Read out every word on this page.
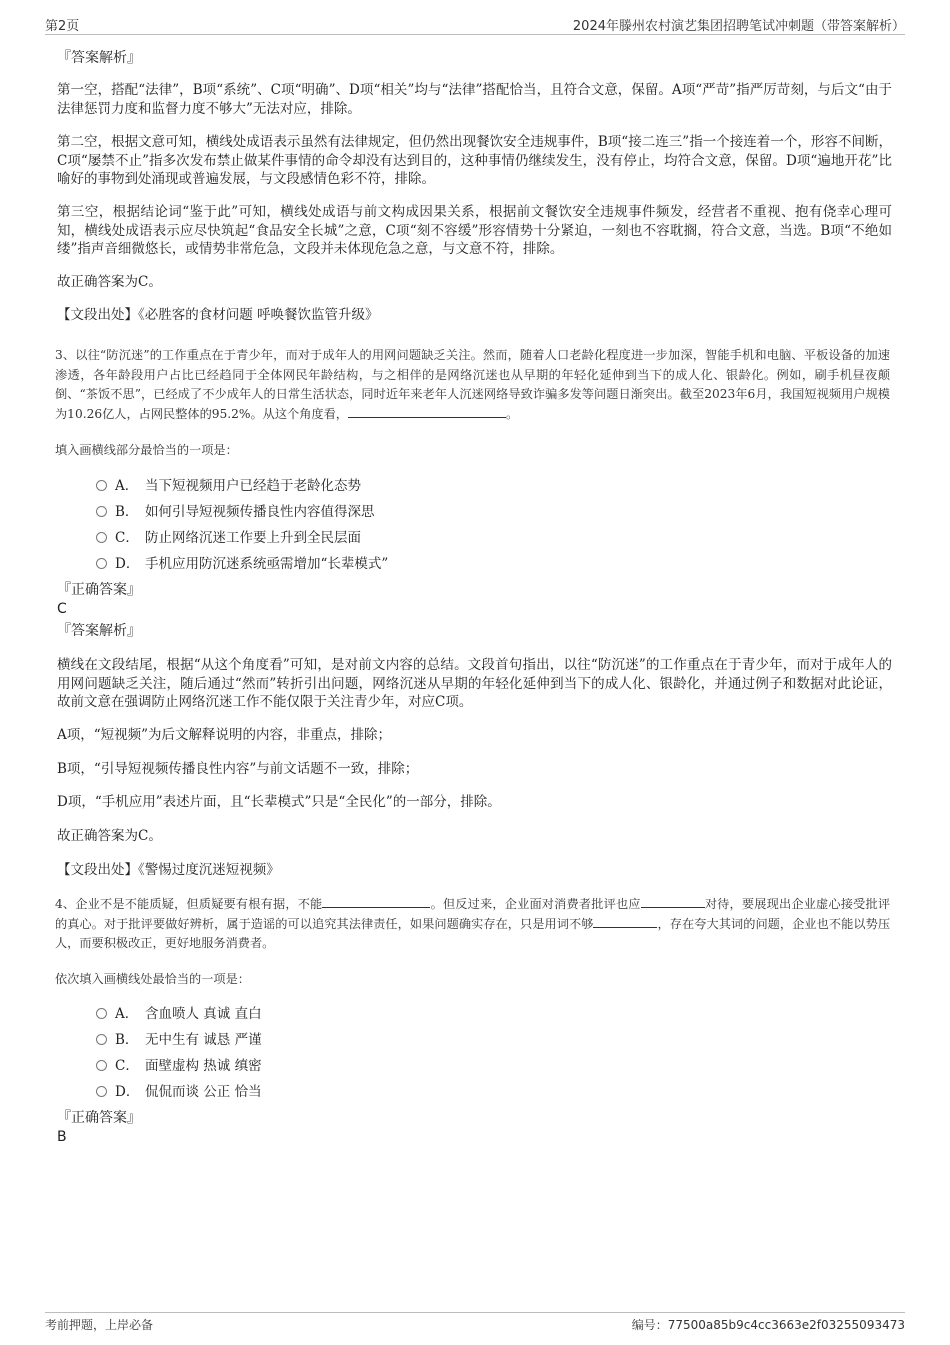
第2页	2024年滕州农村演艺集团招聘笔试冲刺题（带答案解析）
『答案解析』
第一空，搭配“法律”，B项“系统”、C项“明确”、D项“相关”均与“法律”搭配恰当，且符合文意，保留。A项“严苛”指严厉苛刻，与后文“由于法律惩罚力度和监督力度不够大”无法对应，排除。
第二空，根据文意可知，横线处成语表示虽然有法律规定，但仍然出现餐饮安全违规事件，B项“接二连三”指一个接连着一个，形容不间断，C项“屡禁不止”指多次发布禁止做某件事情的命令却没有达到目的，这种事情仍继续发生，没有停止，均符合文意，保留。D项“遍地开花”比喻好的事物到处涌现或普遍发展，与文段感情色彩不符，排除。
第三空，根据结论词“鉴于此”可知，横线处成语与前文构成因果关系，根据前文餐饮安全违规事件频发，经营者不重视、抱有侥幸心理可知，横线处成语表示应尽快筑起“食品安全长城”之意，C项“刻不容缓”形容情势十分紧迫，一刻也不容耽搁，符合文意，当选。B项“不绝如缕”指声音细微悠长，或情势非常危急，文段并未体现危急之意，与文意不符，排除。
故正确答案为C。
【文段出处】《必胜客的食材问题 呼唤餐饮监管升级》
3、以往“防沉迷”的工作重点在于青少年，而对于成年人的用网问题缺乏关注。然而，随着人口老龄化程度进一步加深，智能手机和电脑、平板设备的加速渗透，各年龄段用户占比已经趋同于全体网民年龄结构，与之相伴的是网络沉迷也从早期的年轻化延伸到当下的成人化、银龄化。例如，刷手机昼夜颠倒、“茶饭不思”，已经成了不少成年人的日常生活状态，同时近年来老年人沉迷网络导致诈骗多发等问题日渐突出。截至2023年6月，我国短视频用户规模为10.26亿人，占网民整体的95.2%。从这个角度看，	。
填入画横线部分最恰当的一项是：
A． 当下短视频用户已经趋于老龄化态势
B． 如何引导短视频传播良性内容值得深思
C． 防止网络沉迷工作要上升到全民层面
D． 手机应用防沉迷系统亟需增加“长辈模式”
『正确答案』
C
『答案解析』
横线在文段结尾，根据“从这个角度看”可知，是对前文内容的总结。文段首句指出，以往“防沉迷”的工作重点在于青少年，而对于成年人的用网问题缺乏关注，随后通过“然而”转折引出问题，网络沉迷从早期的年轻化延伸到当下的成人化、银龄化，并通过例子和数据对此论证，故前文意在强调防止网络沉迷工作不能仅限于关注青少年，对应C项。
A项，“短视频”为后文解释说明的内容，非重点，排除；
B项，“引导短视频传播良性内容”与前文话题不一致，排除；
D项，“手机应用”表述片面，且“长辈模式”只是“全民化”的一部分，排除。
故正确答案为C。
【文段出处】《警惕过度沉迷短视频》
4、企业不是不能质疑，但质疑要有根有据，不能	。但反过来，企业面对消费者批评也应	对待，要展现出企业虚心接受批评的真心。对于批评要做好辨析，属于造谣的可以追究其法律责任，如果问题确实存在，只是用词不够	，存在夸大其词的问题，企业也不能以势压人，而要积极改正，更好地服务消费者。
依次填入画横线处最恰当的一项是：
A． 含血喷人 真诚 直白
B． 无中生有 诚恳 严谨
C． 面壁虚构 热诚 缜密
D． 侃侃而谈 公正 恰当
『正确答案』
B
考前押题，上岸必备	编号：77500a85b9c4cc3663e2f03255093473
